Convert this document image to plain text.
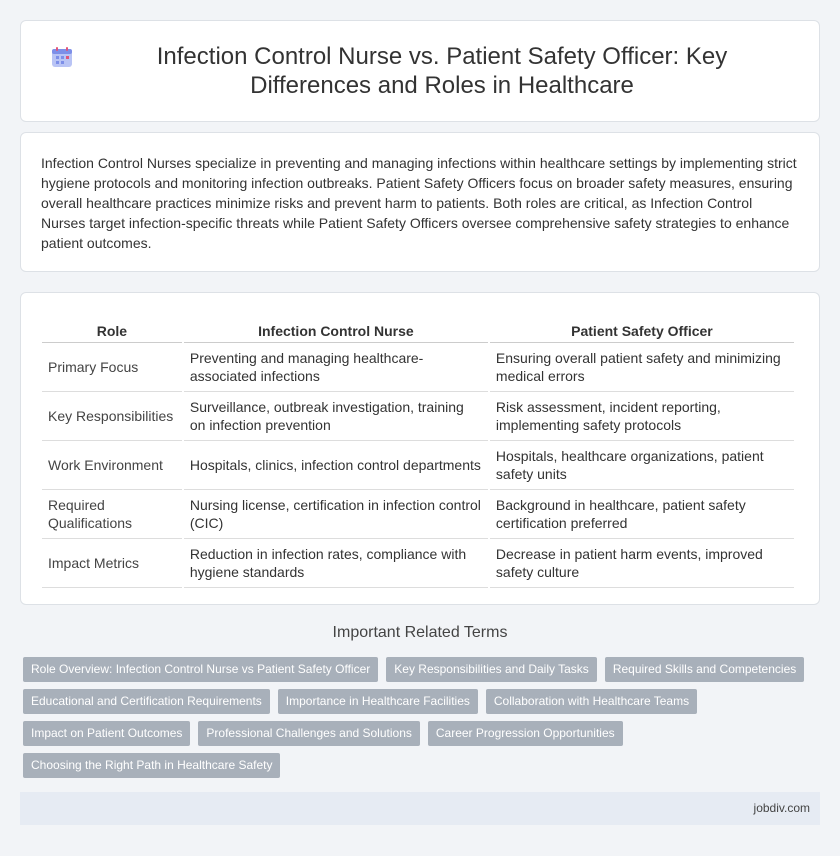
Infection Control Nurse vs. Patient Safety Officer: Key Differences and Roles in Healthcare

Infection Control Nurses specialize in preventing and managing infections within healthcare settings by implementing strict hygiene protocols and monitoring infection outbreaks. Patient Safety Officers focus on broader safety measures, ensuring overall healthcare practices minimize risks and prevent harm to patients. Both roles are critical, as Infection Control Nurses target infection-specific threats while Patient Safety Officers oversee comprehensive safety strategies to enhance patient outcomes.

Role	Infection Control Nurse	Patient Safety Officer
Primary Focus	Preventing and managing healthcare-associated infections	Ensuring overall patient safety and minimizing medical errors
Key Responsibilities	Surveillance, outbreak investigation, training on infection prevention	Risk assessment, incident reporting, implementing safety protocols
Work Environment	Hospitals, clinics, infection control departments	Hospitals, healthcare organizations, patient safety units
Required Qualifications	Nursing license, certification in infection control (CIC)	Background in healthcare, patient safety certification preferred
Impact Metrics	Reduction in infection rates, compliance with hygiene standards	Decrease in patient harm events, improved safety culture
Important Related Terms
Role Overview: Infection Control Nurse vs Patient Safety Officer	Key Responsibilities and Daily Tasks	Required Skills and Competencies
Educational and Certification Requirements	Importance in Healthcare Facilities	Collaboration with Healthcare Teams
Impact on Patient Outcomes	Professional Challenges and Solutions	Career Progression Opportunities
Choosing the Right Path in Healthcare Safety
jobdiv.com
